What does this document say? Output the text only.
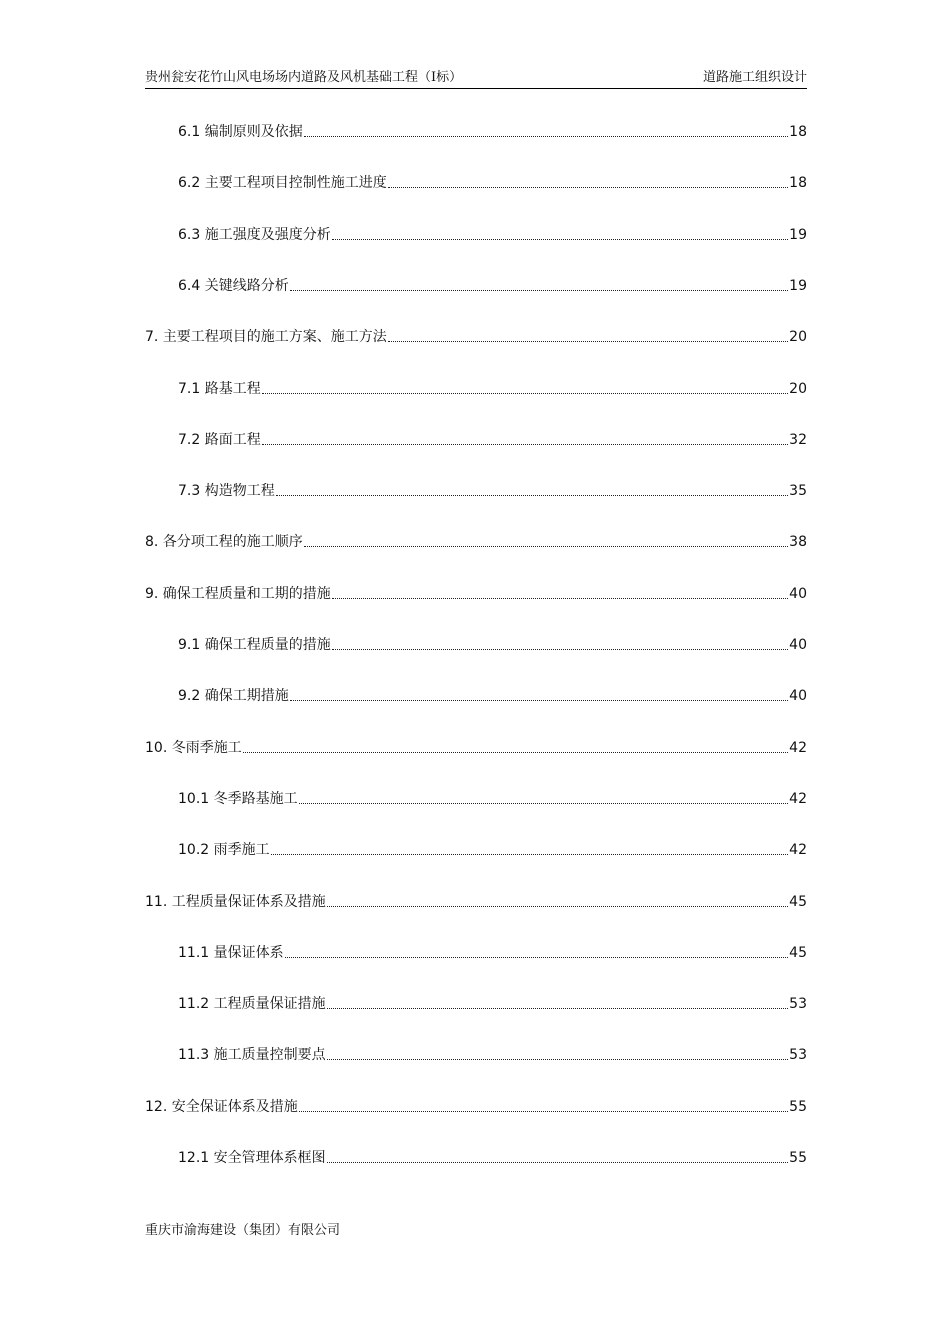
贵州瓮安花竹山风电场场内道路及风机基础工程（Ⅰ标）	道路施工组织设计
6.1 编制原则及依据	18
6.2 主要工程项目控制性施工进度	18
6.3 施工强度及强度分析	19
6.4 关键线路分析	19
7. 主要工程项目的施工方案、施工方法	20
7.1 路基工程	20
7.2 路面工程	32
7.3 构造物工程	35
8. 各分项工程的施工顺序	38
9. 确保工程质量和工期的措施	40
9.1 确保工程质量的措施	40
9.2 确保工期措施	40
10. 冬雨季施工	42
10.1 冬季路基施工	42
10.2 雨季施工	42
11. 工程质量保证体系及措施	45
11.1 量保证体系	45
11.2 工程质量保证措施	53
11.3 施工质量控制要点	53
12. 安全保证体系及措施	55
12.1 安全管理体系框图	55
重庆市渝海建设（集团）有限公司
